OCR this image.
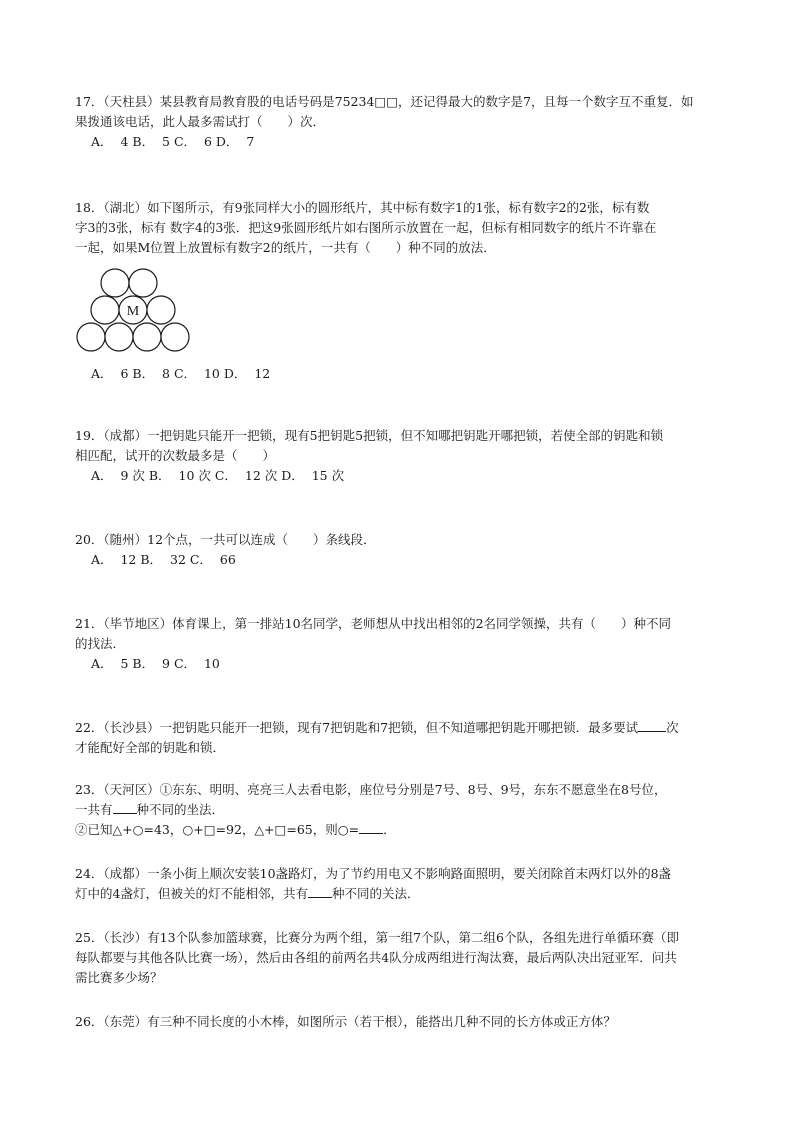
17．（天柱县）某县教育局教育股的电话号码是75234□□，还记得最大的数字是7，且每一个数字互不重复．如
果拨通该电话，此人最多需试打（　　）次．
A．  4 B．  5 C．  6 D．  7
18．（湖北）如下图所示，有9张同样大小的圆形纸片，其中标有数字1的1张，标有数字2的2张，标有数
字3的3张，标有 数字4的3张．把这9张圆形纸片如右图所示放置在一起，但标有相同数字的纸片不许靠在
一起，如果M位置上放置标有数字2的纸片，一共有（　　）种不同的放法．
M
A．  6 B．  8 C．  10 D．  12
19．（成都）一把钥匙只能开一把锁，现有5把钥匙5把锁，但不知哪把钥匙开哪把锁，若使全部的钥匙和锁
相匹配，试开的次数最多是（　　）
A．  9 次 B．  10 次 C．  12 次 D．  15 次
20．（随州）12个点，一共可以连成（　　）条线段．
A．  12 B．  32 C．  66
21．（毕节地区）体育课上，第一排站10名同学，老师想从中找出相邻的2名同学领操，共有（　　）种不同
的找法．
A．  5 B．  9 C．  10
22．（长沙县）一把钥匙只能开一把锁，现有7把钥匙和7把锁，但不知道哪把钥匙开哪把锁．最多要试 次
才能配好全部的钥匙和锁．
23．（天河区）①东东、明明、亮亮三人去看电影，座位号分别是7号、8号、9号，东东不愿意坐在8号位，
一共有 种不同的坐法．
②已知△+○=43，○+□=92，△+□=65，则○= ．
24．（成都）一条小街上顺次安装10盏路灯，为了节约用电又不影响路面照明，要关闭除首末两灯以外的8盏
灯中的4盏灯，但被关的灯不能相邻，共有 种不同的关法．
25．（长沙）有13个队参加篮球赛，比赛分为两个组，第一组7个队，第二组6个队，各组先进行单循环赛（即
每队都要与其他各队比赛一场），然后由各组的前两名共4队分成两组进行淘汰赛，最后两队决出冠亚军．问共
需比赛多少场？
26．（东莞）有三种不同长度的小木棒，如图所示（若干根），能搭出几种不同的长方体或正方体？
